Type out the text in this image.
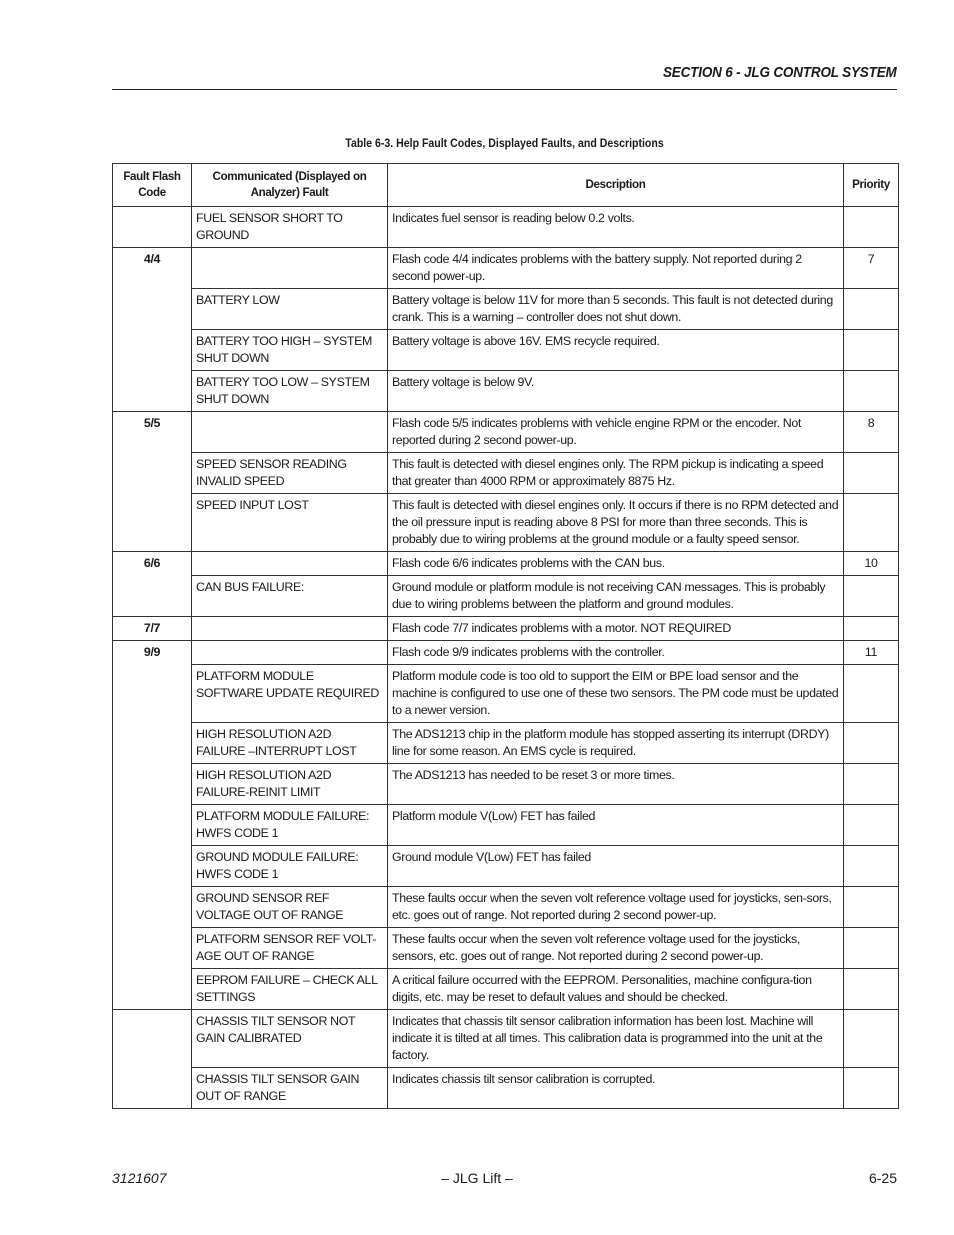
SECTION 6 - JLG CONTROL SYSTEM
Table 6-3. Help Fault Codes, Displayed Faults, and Descriptions
Fault Flash Code	Communicated (Displayed on Analyzer) Fault	Description	Priority
	FUEL SENSOR SHORT TO GROUND	Indicates fuel sensor is reading below 0.2 volts.	
4/4		Flash code 4/4 indicates problems with the battery supply. Not reported during 2 second power-up.	7
	BATTERY LOW	Battery voltage is below 11V for more than 5 seconds. This fault is not detected during crank. This is a warning – controller does not shut down.	
	BATTERY TOO HIGH – SYSTEM SHUT DOWN	Battery voltage is above 16V. EMS recycle required.	
	BATTERY TOO LOW – SYSTEM SHUT DOWN	Battery voltage is below 9V.	
5/5		Flash code 5/5 indicates problems with vehicle engine RPM or the encoder. Not reported during 2 second power-up.	8
	SPEED SENSOR READING INVALID SPEED	This fault is detected with diesel engines only. The RPM pickup is indicating a speed that greater than 4000 RPM or approximately 8875 Hz.	
	SPEED INPUT LOST	This fault is detected with diesel engines only. It occurs if there is no RPM detected and the oil pressure input is reading above 8 PSI for more than three seconds. This is probably due to wiring problems at the ground module or a faulty speed sensor.	
6/6		Flash code 6/6 indicates problems with the CAN bus.	10
	CAN BUS FAILURE:	Ground module or platform module is not receiving CAN messages. This is probably due to wiring problems between the platform and ground modules.	
7/7		Flash code 7/7 indicates problems with a motor. NOT REQUIRED	
9/9		Flash code 9/9 indicates problems with the controller.	11
	PLATFORM MODULE SOFTWARE UPDATE REQUIRED	Platform module code is too old to support the EIM or BPE load sensor and the machine is configured to use one of these two sensors. The PM code must be updated to a newer version.	
	HIGH RESOLUTION A2D FAILURE –INTERRUPT LOST	The ADS1213 chip in the platform module has stopped asserting its interrupt (DRDY) line for some reason. An EMS cycle is required.	
	HIGH RESOLUTION A2D FAILURE-REINIT LIMIT	The ADS1213 has needed to be reset 3 or more times.	
	PLATFORM MODULE FAILURE: HWFS CODE 1	Platform module V(Low) FET has failed	
	GROUND MODULE FAILURE: HWFS CODE 1	Ground module V(Low) FET has failed	
	GROUND SENSOR REF VOLTAGE OUT OF RANGE	These faults occur when the seven volt reference voltage used for joysticks, sen-sors, etc. goes out of range. Not reported during 2 second power-up.	
	PLATFORM SENSOR REF VOLT-AGE OUT OF RANGE	These faults occur when the seven volt reference voltage used for the joysticks, sensors, etc. goes out of range. Not reported during 2 second power-up.	
	EEPROM FAILURE – CHECK ALL SETTINGS	A critical failure occurred with the EEPROM. Personalities, machine configura-tion digits, etc. may be reset to default values and should be checked.	
	CHASSIS TILT SENSOR NOT GAIN CALIBRATED	Indicates that chassis tilt sensor calibration information has been lost. Machine will indicate it is tilted at all times. This calibration data is programmed into the unit at the factory.	
	CHASSIS TILT SENSOR GAIN OUT OF RANGE	Indicates chassis tilt sensor calibration is corrupted.	
3121607	– JLG Lift –	6-25
